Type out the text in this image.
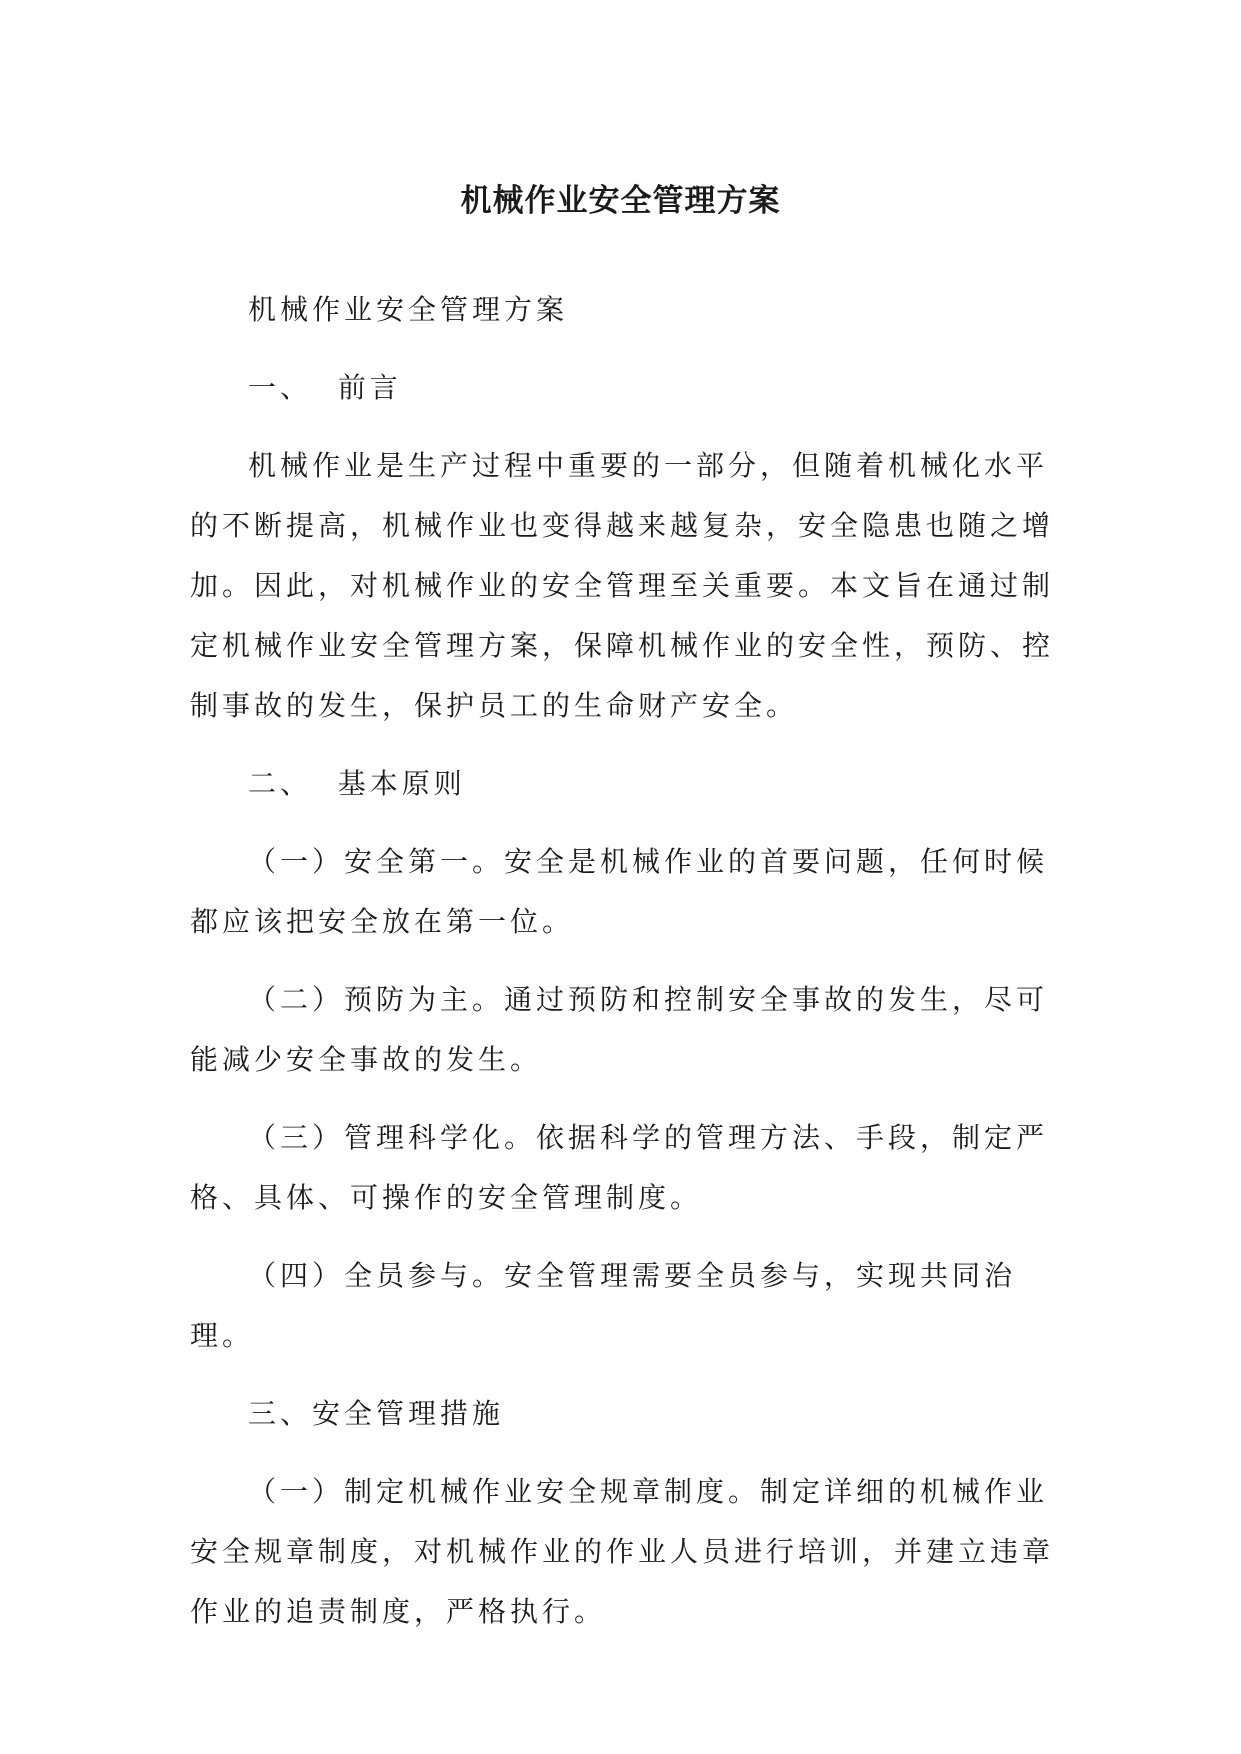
机械作业安全管理方案

机械作业安全管理方案

一、  前言

机械作业是生产过程中重要的一部分，但随着机械化水平的不断提高，机械作业也变得越来越复杂，安全隐患也随之增加。因此，对机械作业的安全管理至关重要。本文旨在通过制定机械作业安全管理方案，保障机械作业的安全性，预防、控制事故的发生，保护员工的生命财产安全。

二、  基本原则

（一）安全第一。安全是机械作业的首要问题，任何时候都应该把安全放在第一位。

（二）预防为主。通过预防和控制安全事故的发生，尽可能减少安全事故的发生。

（三）管理科学化。依据科学的管理方法、手段，制定严格、具体、可操作的安全管理制度。

（四）全员参与。安全管理需要全员参与，实现共同治理。

三、安全管理措施

（一）制定机械作业安全规章制度。制定详细的机械作业安全规章制度，对机械作业的作业人员进行培训，并建立违章作业的追责制度，严格执行。
